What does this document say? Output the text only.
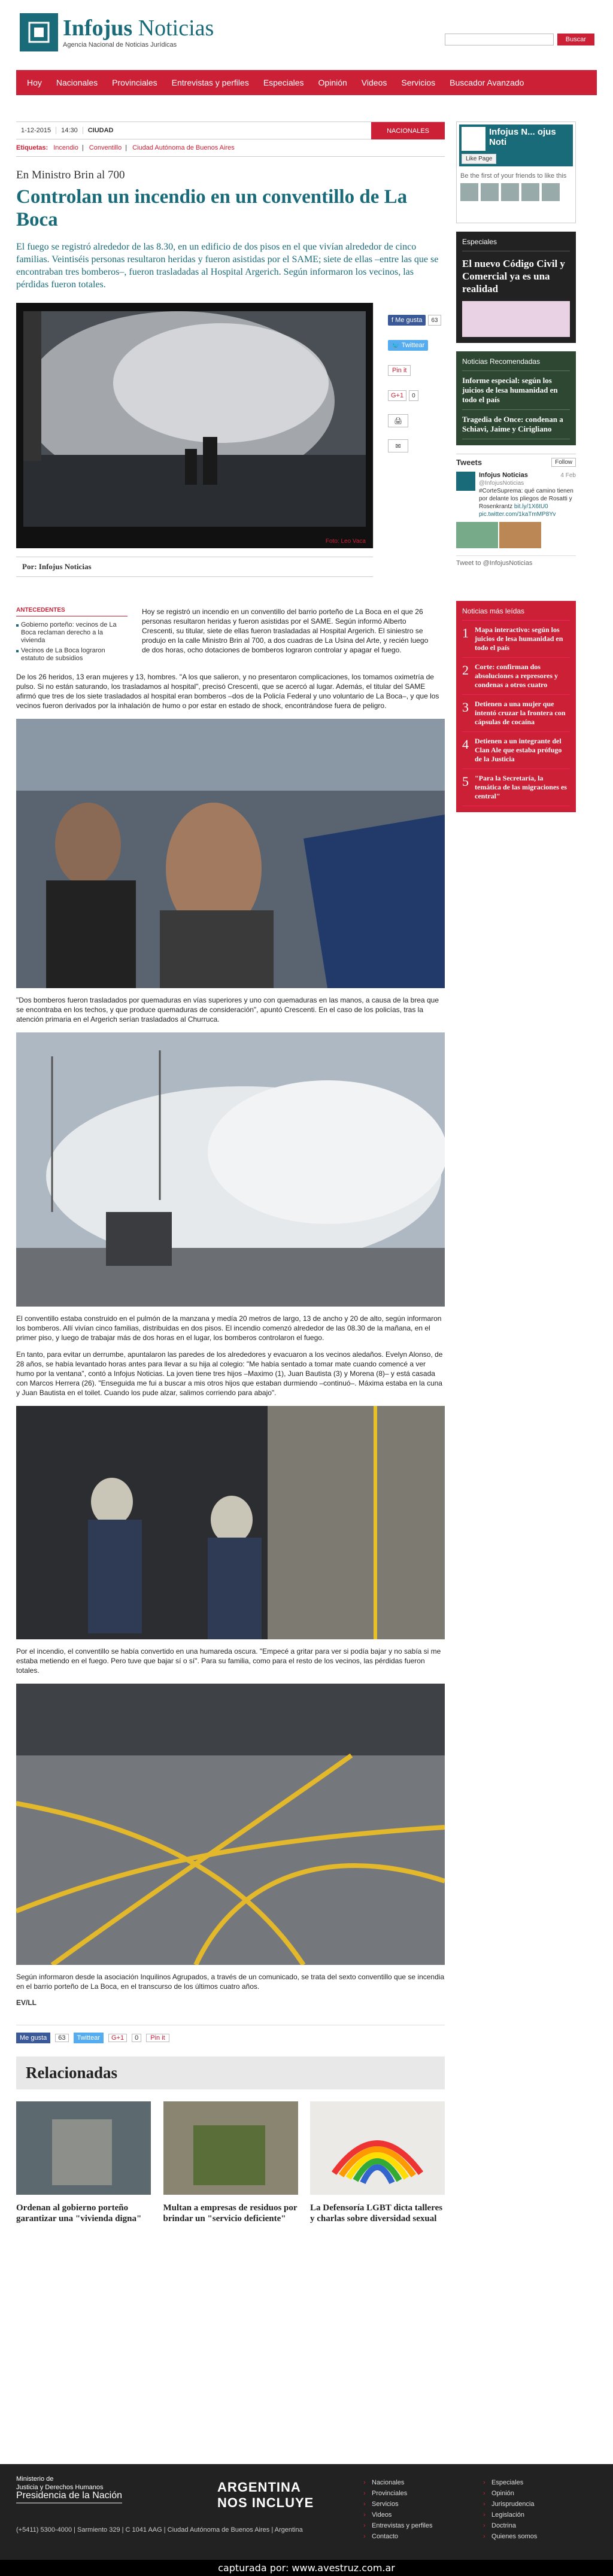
Infojus Noticias
Agencia Nacional de Noticias Jurídicas
Buscar
Hoy	Nacionales	Provinciales	Entrevistas y perfiles	Especiales	Opinión	Videos	Servicios	Buscador Avanzado
1-12-2015	14:30	CIUDAD	NACIONALES
Etiquetas: Incendio | Conventillo | Ciudad Autónoma de Buenos Aires
En Ministro Brin al 700
Controlan un incendio en un conventillo de La Boca

El fuego se registró alrededor de las 8.30, en un edificio de dos pisos en el que vivían alrededor de cinco familias. Veintiséis personas resultaron heridas y fueron asistidas por el SAME; siete de ellas –entre las que se encontraban tres bomberos–, fueron trasladadas al Hospital Argerich. Según informaron los vecinos, las pérdidas fueron totales.

Foto: Leo Vaca
f Me gusta	63
🐦 Twittear
Pin it
G+1	0
🖨
✉
Por: Infojus Noticias
ANTECEDENTES
Gobierno porteño: vecinos de La Boca reclaman derecho a la vivienda
Vecinos de La Boca lograron estatuto de subsidios

Hoy se registró un incendio en un conventillo del barrio porteño de La Boca en el que 26 personas resultaron heridas y fueron asistidas por el SAME. Según informó Alberto Crescenti, su titular, siete de ellas fueron trasladadas al Hospital Argerich. El siniestro se produjo en la calle Ministro Brin al 700, a dos cuadras de La Usina del Arte, y recién luego de dos horas, ocho dotaciones de bomberos lograron controlar y apagar el fuego.

De los 26 heridos, 13 eran mujeres y 13, hombres. "A los que salieron, y no presentaron complicaciones, los tomamos oximetría de pulso. Si no están saturando, los trasladamos al hospital", precisó Crescenti, que se acercó al lugar. Además, el titular del SAME afirmó que tres de los siete trasladados al hospital eran bomberos –dos de la Policía Federal y uno voluntario de La Boca–, y que los vecinos fueron derivados por la inhalación de humo o por estar en estado de shock, encontrándose fuera de peligro.

"Dos bomberos fueron trasladados por quemaduras en vías superiores y uno con quemaduras en las manos, a causa de la brea que se encontraba en los techos, y que produce quemaduras de consideración", apuntó Crescenti. En el caso de los policías, tras la atención primaria en el Argerich serían trasladados al Churruca.

El conventillo estaba construido en el pulmón de la manzana y medía 20 metros de largo, 13 de ancho y 20 de alto, según informaron los bomberos. Allí vivían cinco familias, distribuidas en dos pisos. El incendio comenzó alrededor de las 08.30 de la mañana, en el primer piso, y luego de trabajar más de dos horas en el lugar, los bomberos controlaron el fuego.

En tanto, para evitar un derrumbe, apuntalaron las paredes de los alrededores y evacuaron a los vecinos aledaños. Evelyn Alonso, de 28 años, se había levantado horas antes para llevar a su hija al colegio: "Me había sentado a tomar mate cuando comencé a ver humo por la ventana", contó a Infojus Noticias. La joven tiene tres hijos –Maximo (1), Juan Bautista (3) y Morena (8)– y está casada con Marcos Herrera (26). "Enseguida me fui a buscar a mis otros hijos que estaban durmiendo –continuó–. Máxima estaba en la cuna y Juan Bautista en el toilet. Cuando los pude alzar, salimos corriendo para abajo".

Por el incendio, el conventillo se había convertido en una humareda oscura. "Empecé a gritar para ver si podía bajar y no sabía si me estaba metiendo en el fuego. Pero tuve que bajar sí o sí". Para su familia, como para el resto de los vecinos, las pérdidas fueron totales.

Según informaron desde la asociación Inquilinos Agrupados, a través de un comunicado, se trata del sexto conventillo que se incendia en el barrio porteño de La Boca, en el transcurso de los últimos cuatro años.

EV/LL
Me gusta	63	Twittear	G+1	0	Pin it
Relacionadas
Ordenan al gobierno porteño garantizar una "vivienda digna"
Multan a empresas de residuos por brindar un "servicio deficiente"
La Defensoría LGBT dicta talleres y charlas sobre diversidad sexual
Infojus N... ojus Noti
Like Page
Be the first of your friends to like this
Especiales
El nuevo Código Civil y Comercial ya es una realidad
Noticias Recomendadas
Informe especial: según los juicios de lesa humanidad en todo el país
Tragedia de Once: condenan a Schiavi, Jaime y Cirigliano
Tweets	Follow
Infojus Noticias	4 Feb

@InfojusNoticias
#CorteSuprema: qué camino tienen por delante los pliegos de Rosatti y Rosenkrantz bit.ly/1X6tU0 pic.twitter.com/1kaTmMP8Yv
Tweet to @InfojusNoticias
Noticias más leídas
1 Mapa interactivo: según los juicios de lesa humanidad en todo el país
2 Corte: confirman dos absoluciones a represores y condenas a otros cuatro
3 Detienen a una mujer que intentó cruzar la frontera con cápsulas de cocaína
4 Detienen a un integrante del Clan Ale que estaba prófugo de la Justicia
5 "Para la Secretaría, la temática de las migraciones es central"
Ministerio de
Justicia y Derechos Humanos
Presidencia de la Nación
(+5411) 5300-4000 | Sarmiento 329 | C 1041 AAG | Ciudad Autónoma de Buenos Aires | Argentina
ARGENTINA
NOS INCLUYE
› Nacionales
› Provinciales
› Servicios
› Videos
› Entrevistas y perfiles
› Contacto
› Especiales
› Opinión
› Jurisprudencia
› Legislación
› Doctrina
› Quienes somos
capturada por: www.avestruz.com.ar
